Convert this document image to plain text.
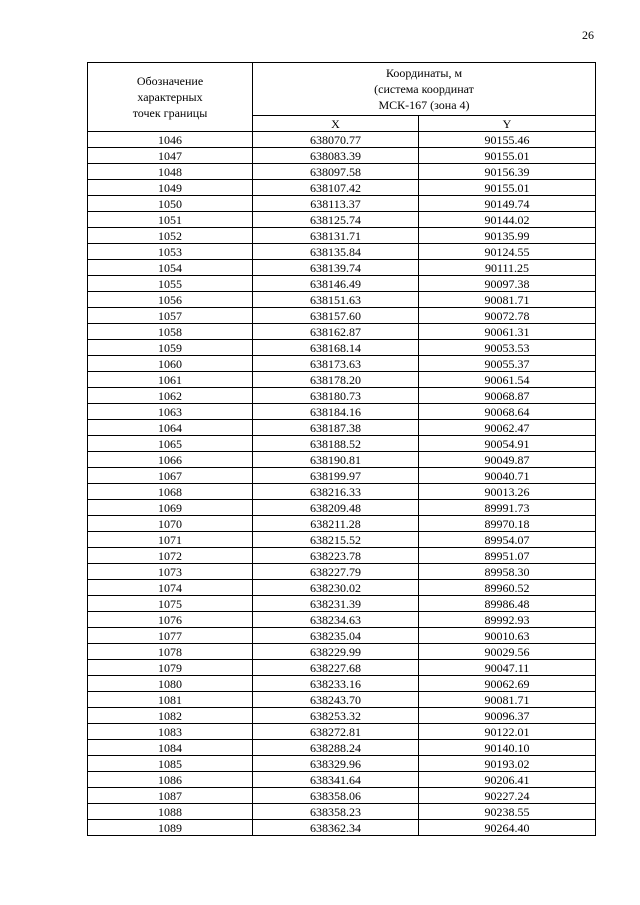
26
Обозначение
характерных
точек границы	Координаты, м
(система координат
МСК-167 (зона 4)	

	X	Y
1046	638070.77	90155.46
1047	638083.39	90155.01
1048	638097.58	90156.39
1049	638107.42	90155.01
1050	638113.37	90149.74
1051	638125.74	90144.02
1052	638131.71	90135.99
1053	638135.84	90124.55
1054	638139.74	90111.25
1055	638146.49	90097.38
1056	638151.63	90081.71
1057	638157.60	90072.78
1058	638162.87	90061.31
1059	638168.14	90053.53
1060	638173.63	90055.37
1061	638178.20	90061.54
1062	638180.73	90068.87
1063	638184.16	90068.64
1064	638187.38	90062.47
1065	638188.52	90054.91
1066	638190.81	90049.87
1067	638199.97	90040.71
1068	638216.33	90013.26
1069	638209.48	89991.73
1070	638211.28	89970.18
1071	638215.52	89954.07
1072	638223.78	89951.07
1073	638227.79	89958.30
1074	638230.02	89960.52
1075	638231.39	89986.48
1076	638234.63	89992.93
1077	638235.04	90010.63
1078	638229.99	90029.56
1079	638227.68	90047.11
1080	638233.16	90062.69
1081	638243.70	90081.71
1082	638253.32	90096.37
1083	638272.81	90122.01
1084	638288.24	90140.10
1085	638329.96	90193.02
1086	638341.64	90206.41
1087	638358.06	90227.24
1088	638358.23	90238.55
1089	638362.34	90264.40
